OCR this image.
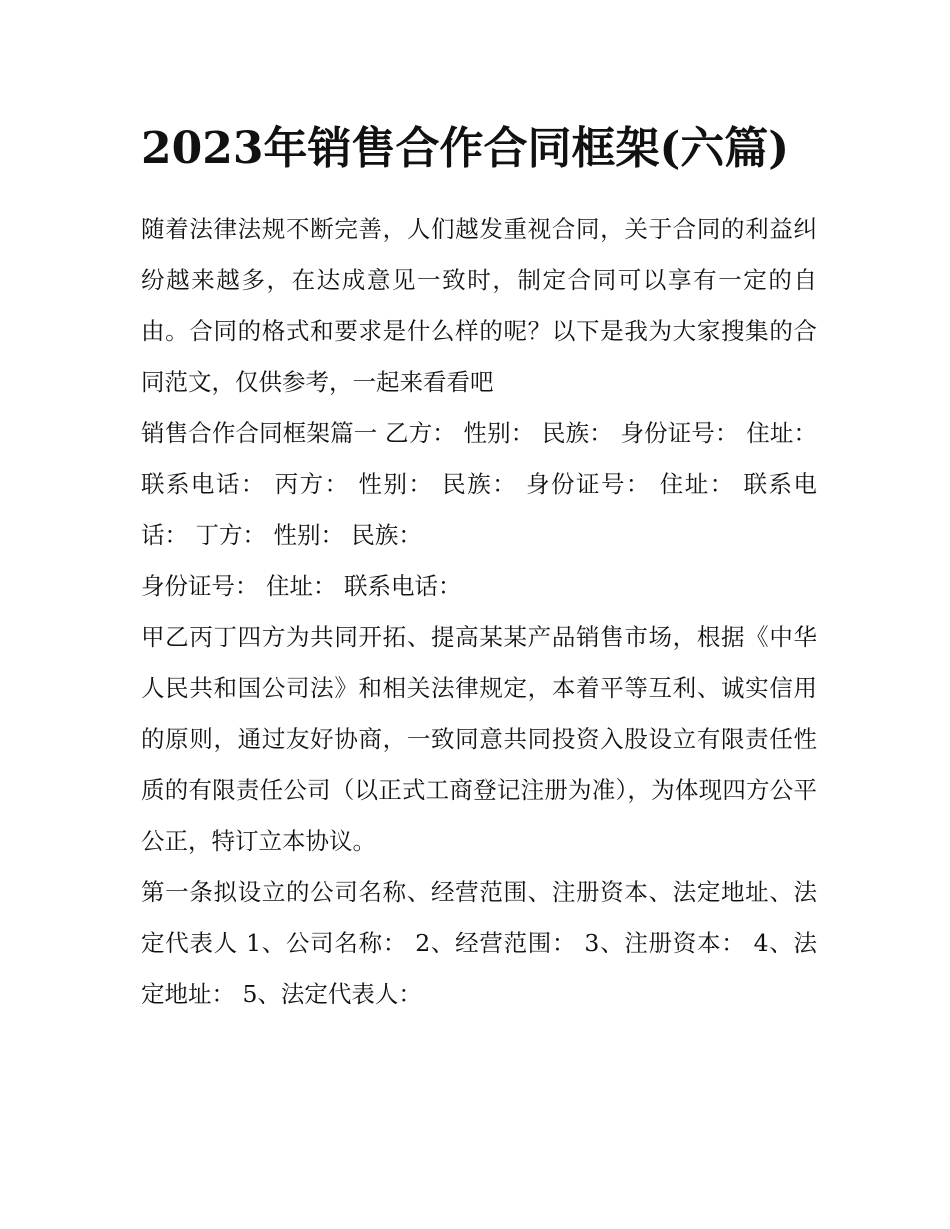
2023年销售合作合同框架(六篇)

随着法律法规不断完善，人们越发重视合同，关于合同的利益纠纷越来越多，在达成意见一致时，制定合同可以享有一定的自由。合同的格式和要求是什么样的呢？以下是我为大家搜集的合同范文，仅供参考，一起来看看吧

销售合作合同框架篇一 乙方： 性别： 民族： 身份证号： 住址： 联系电话： 丙方： 性别： 民族： 身份证号： 住址： 联系电话： 丁方： 性别： 民族：

身份证号： 住址： 联系电话：

甲乙丙丁四方为共同开拓、提高某某产品销售市场，根据《中华人民共和国公司法》和相关法律规定，本着平等互利、诚实信用的原则，通过友好协商，一致同意共同投资入股设立有限责任性质的有限责任公司（以正式工商登记注册为准），为体现四方公平公正，特订立本协议。

第一条拟设立的公司名称、经营范围、注册资本、法定地址、法定代表人 1、公司名称： 2、经营范围： 3、注册资本： 4、法定地址： 5、法定代表人：
